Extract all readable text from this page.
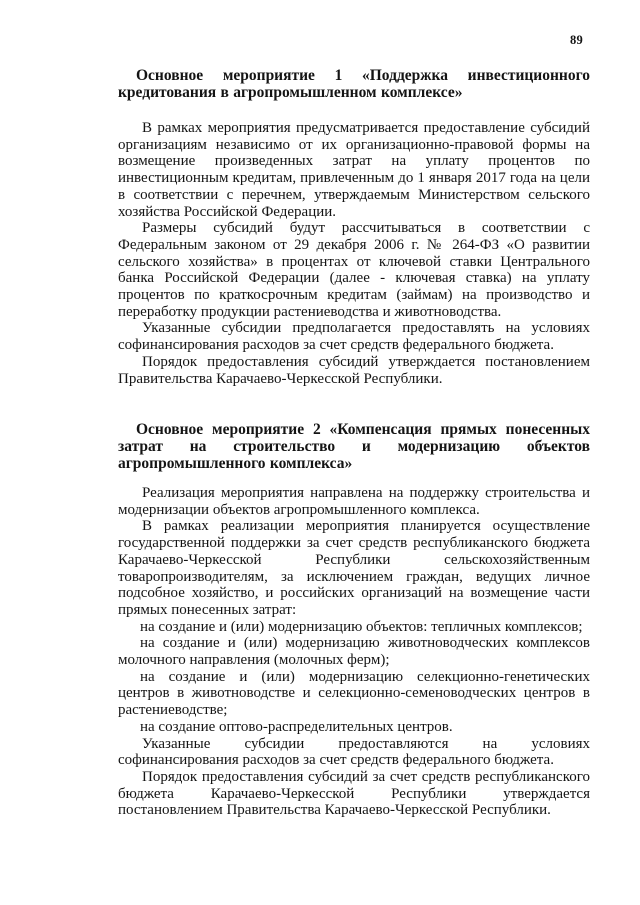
89
Основное мероприятие 1 «Поддержка инвестиционного кредитования в агропромышленном комплексе»

В рамках мероприятия предусматривается предоставление субсидий организациям независимо от их организационно-правовой формы на возмещение произведенных затрат на уплату процентов по инвестиционным кредитам, привлеченным до 1 января 2017 года на цели в соответствии с перечнем, утверждаемым Министерством сельского хозяйства Российской Федерации.

Размеры субсидий будут рассчитываться в соответствии с Федеральным законом от 29 декабря 2006 г. № 264-ФЗ «О развитии сельского хозяйства» в процентах от ключевой ставки Центрального банка Российской Федерации (далее - ключевая ставка) на уплату процентов по краткосрочным кредитам (займам) на производство и переработку продукции растениеводства и животноводства.

Указанные субсидии предполагается предоставлять на условиях софинансирования расходов за счет средств федерального бюджета.

Порядок предоставления субсидий утверждается постановлением Правительства Карачаево-Черкесской Республики.

Основное мероприятие 2 «Компенсация прямых понесенных затрат на строительство и модернизацию объектов агропромышленного комплекса»

Реализация мероприятия направлена на поддержку строительства и модернизации объектов агропромышленного комплекса.

В рамках реализации мероприятия планируется осуществление государственной поддержки за счет средств республиканского бюджета Карачаево-Черкесской Республики сельскохозяйственным товаропроизводителям, за исключением граждан, ведущих личное подсобное хозяйство, и российских организаций на возмещение части прямых понесенных затрат:

на создание и (или) модернизацию объектов: тепличных комплексов;

на создание и (или) модернизацию животноводческих комплексов молочного направления (молочных ферм);

на создание и (или) модернизацию селекционно-генетических центров в животноводстве и селекционно-семеноводческих центров в растениеводстве;

на создание оптово-распределительных центров.

Указанные субсидии предоставляются на условиях софинансирования расходов за счет средств федерального бюджета.

Порядок предоставления субсидий за счет средств республиканского бюджета Карачаево-Черкесской Республики утверждается постановлением Правительства Карачаево-Черкесской Республики.
